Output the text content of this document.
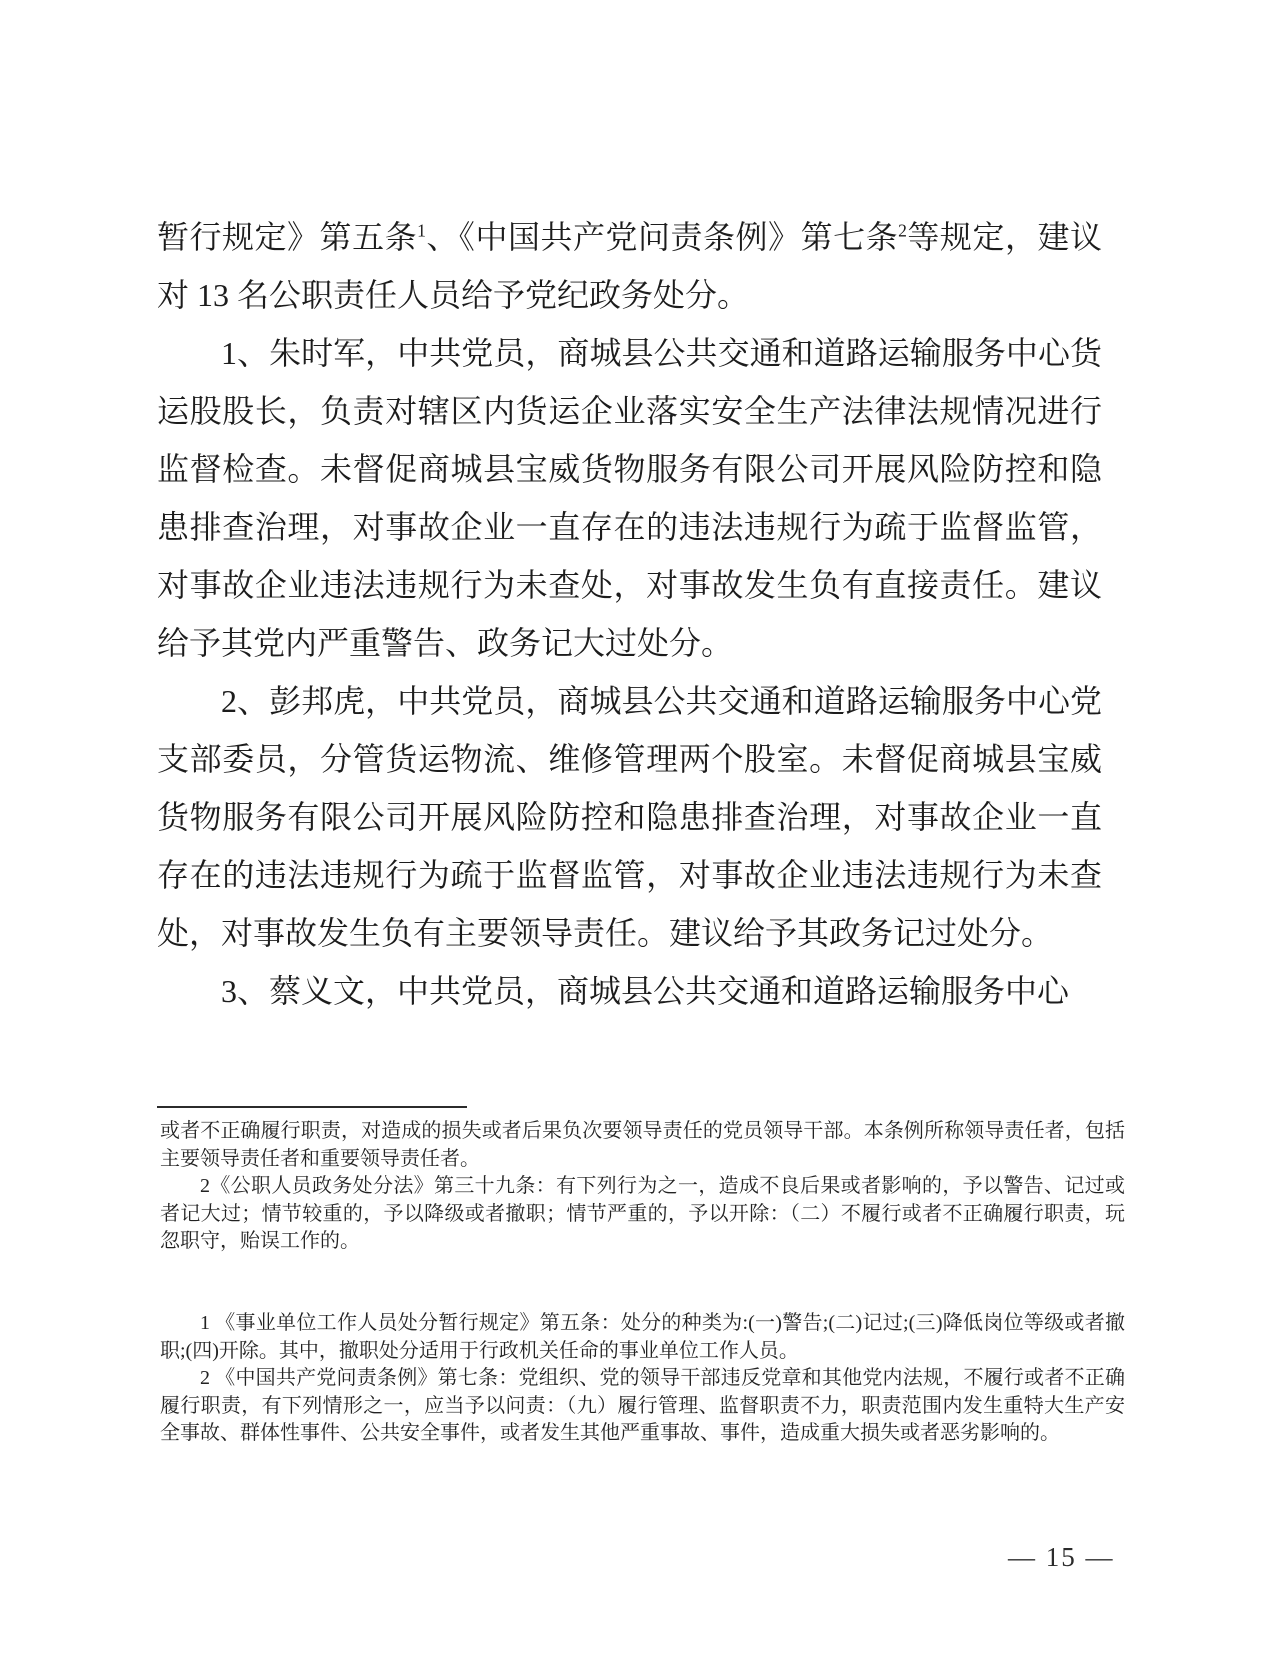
暂行规定》第五条$^1$、《中国共产党问责条例》第七条$^2$等规定，建议对 13 名公职责任人员给予党纪政务处分。

1、朱时军，中共党员，商城县公共交通和道路运输服务中心货运股股长，负责对辖区内货运企业落实安全生产法律法规情况进行监督检查。未督促商城县宝威货物服务有限公司开展风险防控和隐患排查治理，对事故企业一直存在的违法违规行为疏于监督监管，对事故企业违法违规行为未查处，对事故发生负有直接责任。建议给予其党内严重警告、政务记大过处分。

2、彭邦虎，中共党员，商城县公共交通和道路运输服务中心党支部委员，分管货运物流、维修管理两个股室。未督促商城县宝威货物服务有限公司开展风险防控和隐患排查治理，对事故企业一直存在的违法违规行为疏于监督监管，对事故企业违法违规行为未查处，对事故发生负有主要领导责任。建议给予其政务记过处分。

3、蔡义文，中共党员，商城县公共交通和道路运输服务中心

或者不正确履行职责，对造成的损失或者后果负次要领导责任的党员领导干部。本条例所称领导责任者，包括主要领导责任者和重要领导责任者。

2《公职人员政务处分法》第三十九条：有下列行为之一，造成不良后果或者影响的，予以警告、记过或者记大过；情节较重的，予以降级或者撤职；情节严重的，予以开除：（二）不履行或者不正确履行职责，玩忽职守，贻误工作的。

1 《事业单位工作人员处分暂行规定》第五条：处分的种类为:(一)警告;(二)记过;(三)降低岗位等级或者撤职;(四)开除。其中，撤职处分适用于行政机关任命的事业单位工作人员。

2 《中国共产党问责条例》第七条：党组织、党的领导干部违反党章和其他党内法规，不履行或者不正确履行职责，有下列情形之一，应当予以问责：（九）履行管理、监督职责不力，职责范围内发生重特大生产安全事故、群体性事件、公共安全事件，或者发生其他严重事故、事件，造成重大损失或者恶劣影响的。

— 15 —
